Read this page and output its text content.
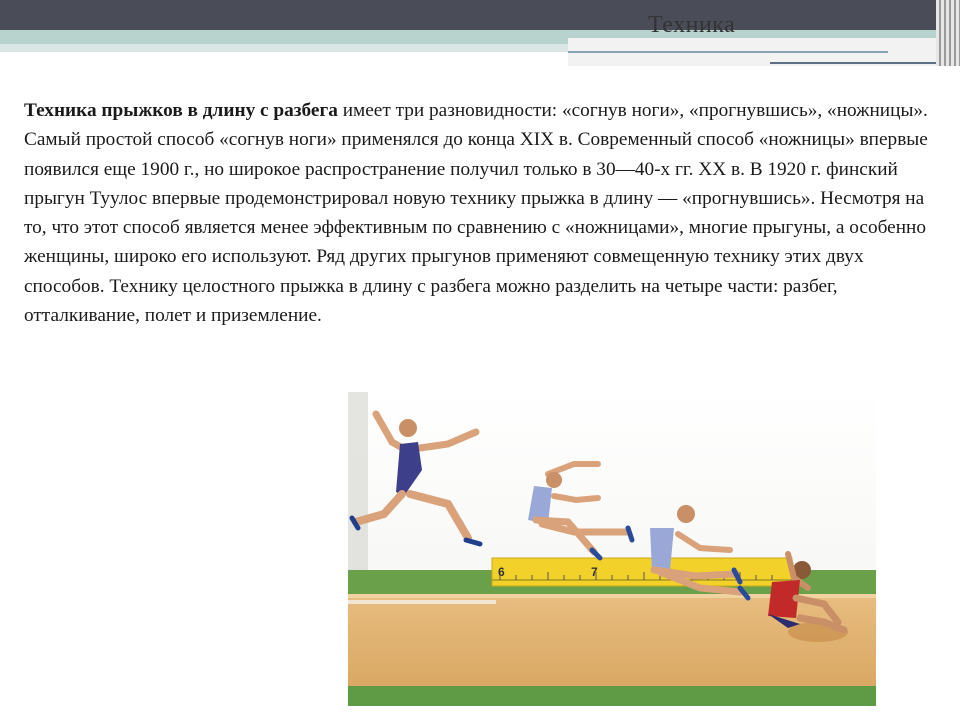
Техника

Техника прыжков в длину с разбега имеет три разновидности: «согнув ноги», «прогнувшись», «ножницы». Самый простой способ «согнув ноги» применялся до конца XIX в. Современный способ «ножницы» впервые появился еще 1900 г., но широкое распространение получил только в 30—40-х гг. XX в. В 1920 г. финский прыгун Туулос впервые продемонстрировал новую технику прыжка в длину — «прогнувшись». Несмотря на то, что этот способ является менее эффективным по сравнению с «ножницами», многие прыгуны, а особенно женщины, широко его используют. Ряд других прыгунов применяют совмещенную технику этих двух способов. Технику целостного прыжка в длину с разбега можно разделить на четыре части: разбег, отталкивание, полет и приземление.

6	7
